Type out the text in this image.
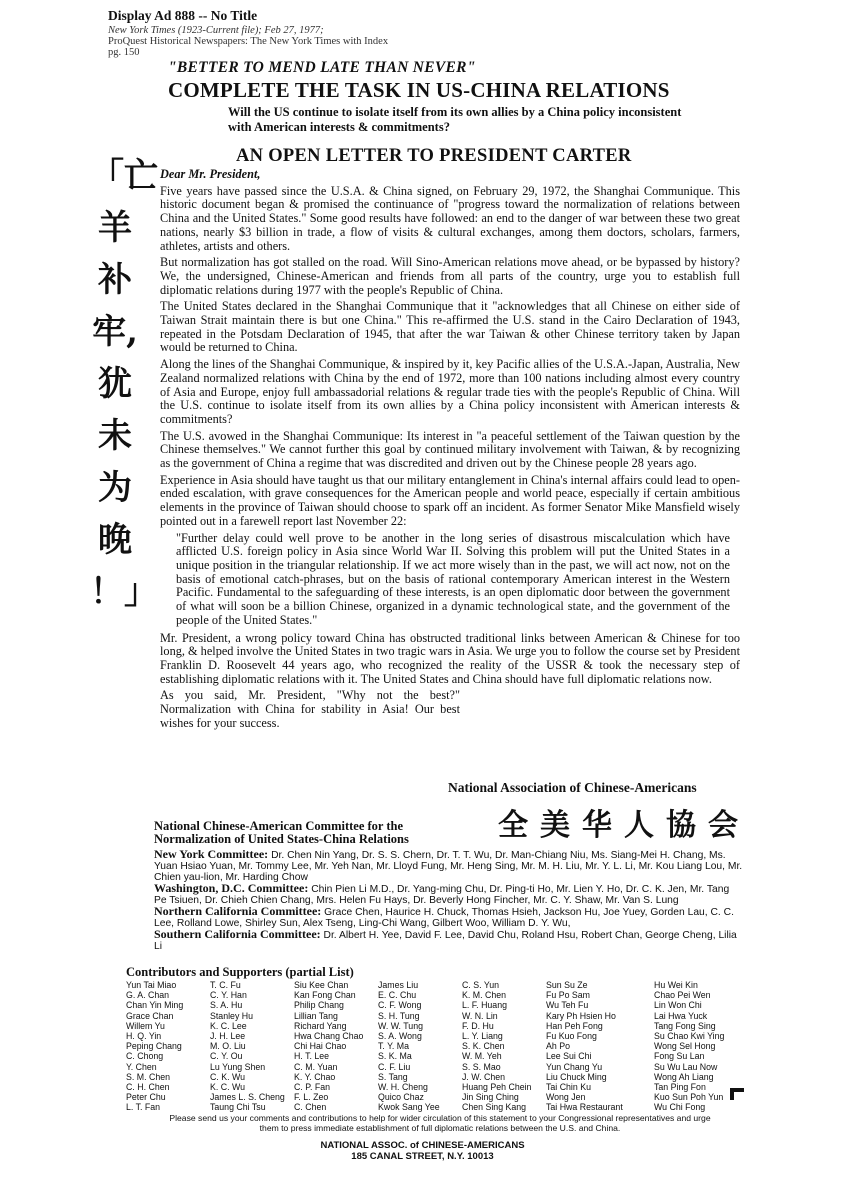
Display Ad 888 -- No Title
New York Times (1923-Current file); Feb 27, 1977;
ProQuest Historical Newspapers: The New York Times with Index
pg. 150
"BETTER TO MEND LATE THAN NEVER"
COMPLETE THE TASK IN US-CHINA RELATIONS
Will the US continue to isolate itself from its own allies by a China policy inconsistent with American interests & commitments?
「亡
羊
补
牢,
犹
未
为
晚
！」
AN OPEN LETTER TO PRESIDENT CARTER

Dear Mr. President,

Five years have passed since the U.S.A. & China signed, on February 29, 1972, the Shanghai Communique. This historic document began & promised the continuance of "progress toward the normalization of relations between China and the United States." Some good results have followed: an end to the danger of war between these two great nations, nearly $3 billion in trade, a flow of visits & cultural exchanges, among them doctors, scholars, farmers, athletes, artists and others.

But normalization has got stalled on the road. Will Sino-American relations move ahead, or be bypassed by history? We, the undersigned, Chinese-American and friends from all parts of the country, urge you to establish full diplomatic relations during 1977 with the people's Republic of China.

The United States declared in the Shanghai Communique that it "acknowledges that all Chinese on either side of Taiwan Strait maintain there is but one China." This re-affirmed the U.S. stand in the Cairo Declaration of 1943, repeated in the Potsdam Declaration of 1945, that after the war Taiwan & other Chinese territory taken by Japan would be returned to China.

Along the lines of the Shanghai Communique, & inspired by it, key Pacific allies of the U.S.A.-Japan, Australia, New Zealand normalized relations with China by the end of 1972, more than 100 nations including almost every country of Asia and Europe, enjoy full ambassadorial relations & regular trade ties with the people's Republic of China. Will the U.S. continue to isolate itself from its own allies by a China policy inconsistent with American interests & commitments?

The U.S. avowed in the Shanghai Communique: Its interest in "a peaceful settlement of the Taiwan question by the Chinese themselves." We cannot further this goal by continued military involvement with Taiwan, & by recognizing as the government of China a regime that was discredited and driven out by the Chinese people 28 years ago.

Experience in Asia should have taught us that our military entanglement in China's internal affairs could lead to open-ended escalation, with grave consequences for the American people and world peace, especially if certain ambitious elements in the province of Taiwan should choose to spark off an incident. As former Senator Mike Mansfield wisely pointed out in a farewell report last November 22:

"Further delay could well prove to be another in the long series of disastrous miscalculation which have afflicted U.S. foreign policy in Asia since World War II. Solving this problem will put the United States in a unique position in the triangular relationship. If we act more wisely than in the past, we will act now, not on the basis of emotional catch-phrases, but on the basis of rational contemporary American interest in the Western Pacific. Fundamental to the safeguarding of these interests, is an open diplomatic door between the government of what will soon be a billion Chinese, organized in a dynamic technological state, and the government of the people of the United States."

Mr. President, a wrong policy toward China has obstructed traditional links between American & Chinese for too long, & helped involve the United States in two tragic wars in Asia. We urge you to follow the course set by President Franklin D. Roosevelt 44 years ago, who recognized the reality of the USSR & took the necessary step of establishing diplomatic relations with it. The United States and China should have full diplomatic relations now.

As you said, Mr. President, "Why not the best?" Normalization with China for stability in Asia! Our best wishes for your success.

National Association of Chinese-Americans
全美华人協会
National Chinese-American Committee for the
Normalization of United States-China Relations

New York Committee: Dr. Chen Nin Yang, Dr. S. S. Chern, Dr. T. T. Wu, Dr. Man-Chiang Niu, Ms. Siang-Mei H. Chang, Ms. Yuan Hsiao Yuan, Mr. Tommy Lee, Mr. Yeh Nan, Mr. Lloyd Fung, Mr. Heng Sing, Mr. M. H. Liu, Mr. Y. L. Li, Mr. Kou Liang Lou, Mr. Chien yau-lion, Mr. Harding Chow

Washington, D.C. Committee: Chin Pien Li M.D., Dr. Yang-ming Chu, Dr. Ping-ti Ho, Mr. Lien Y. Ho, Dr. C. K. Jen, Mr. Tang Pe Tsiuen, Dr. Chieh Chien Chang, Mrs. Helen Fu Hays, Dr. Beverly Hong Fincher, Mr. C. Y. Shaw, Mr. Van S. Lung

Northern California Committee: Grace Chen, Haurice H. Chuck, Thomas Hsieh, Jackson Hu, Joe Yuey, Gorden Lau, C. C. Lee, Rolland Lowe, Shirley Sun, Alex Tseng, Ling-Chi Wang, Gilbert Woo, William D. Y. Wu,

Southern California Committee: Dr. Albert H. Yee, David F. Lee, David Chu, Roland Hsu, Robert Chan, George Cheng, Lilia Li

Contributors and Supporters (partial List)
Yun Tai Miao
G. A. Chan
Chan Yin Ming
Grace Chan
Willem Yu
H. Q. Yin
Peping Chang
C. Chong
Y. Chen
S. M. Chen
C. H. Chen
Peter Chu
L. T. Fan
T. C. Fu
C. Y. Han
S. A. Hu
Stanley Hu
K. C. Lee
J. H. Lee
M. O. Liu
C. Y. Ou
Lu Yung Shen
C. K. Wu
K. C. Wu
James L. S. Cheng
Taung Chi Tsu
Siu Kee Chan
Kan Fong Chan
Philip Chang
Lillian Tang
Richard Yang
Hwa Chang Chao
Chi Hai Chao
H. T. Lee
C. M. Yuan
K. Y. Chao
C. P. Fan
F. L. Zeo
C. Chen
James Liu
E. C. Chu
C. F. Wong
S. H. Tung
W. W. Tung
S. A. Wong
T. Y. Ma
S. K. Ma
C. F. Liu
S. Tang
W. H. Cheng
Quico Chaz
Kwok Sang Yee
C. S. Yun
K. M. Chen
L. F. Huang
W. N. Lin
F. D. Hu
L. Y. Liang
S. K. Chen
W. M. Yeh
S. S. Mao
J. W. Chen
Huang Peh Chein
Jin Sing Ching
Chen Sing Kang
Sun Su Ze
Fu Po Sam
Wu Teh Fu
Kary Ph Hsien Ho
Han Peh Fong
Fu Kuo Fong
Ah Po
Lee Sui Chi
Yun Chang Yu
Liu Chuck Ming
Tai Chin Ku
Wong Jen
Tai Hwa Restaurant
Hu Wei Kin
Chao Pei Wen
Lin Won Chi
Lai Hwa Yuck
Tang Fong Sing
Su Chao Kwi Ying
Wong Sel Hong
Fong Su Lan
Su Wu Lau Now
Wong Ah Liang
Tan Ping Fon
Kuo Sun Poh Yun
Wu Chi Fong
Please send us your comments and contributions to help for wider circulation of this statement to your Congressional representatives and urge them to press immediate establishment of full diplomatic relations between the U.S. and China.
NATIONAL ASSOC. of CHINESE-AMERICANS
185 CANAL STREET, N.Y. 10013
